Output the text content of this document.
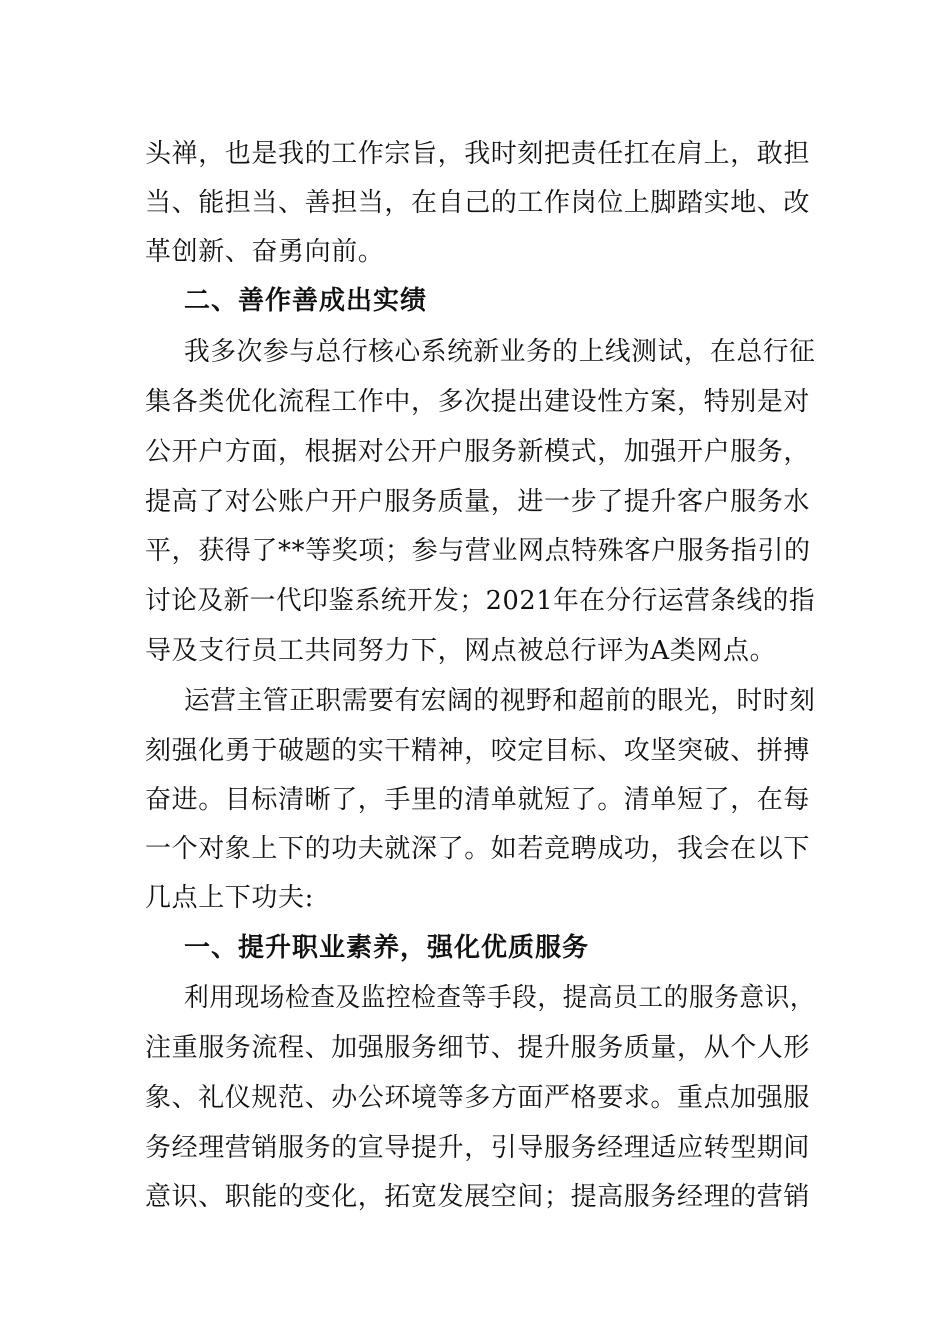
头禅，也是我的工作宗旨，我时刻把责任扛在肩上，敢担
当、能担当、善担当，在自己的工作岗位上脚踏实地、改
革创新、奋勇向前。
二、善作善成出实绩
我多次参与总行核心系统新业务的上线测试，在总行征
集各类优化流程工作中，多次提出建设性方案，特别是对
公开户方面，根据对公开户服务新模式，加强开户服务，
提高了对公账户开户服务质量，进一步了提升客户服务水
平，获得了**等奖项；参与营业网点特殊客户服务指引的
讨论及新一代印鉴系统开发；2021年在分行运营条线的指
导及支行员工共同努力下，网点被总行评为A类网点。
运营主管正职需要有宏阔的视野和超前的眼光，时时刻
刻强化勇于破题的实干精神，咬定目标、攻坚突破、拼搏
奋进。目标清晰了，手里的清单就短了。清单短了，在每
一个对象上下的功夫就深了。如若竞聘成功，我会在以下
几点上下功夫:
一、提升职业素养，强化优质服务
利用现场检查及监控检查等手段，提高员工的服务意识，
注重服务流程、加强服务细节、提升服务质量，从个人形
象、礼仪规范、办公环境等多方面严格要求。重点加强服
务经理营销服务的宣导提升，引导服务经理适应转型期间
意识、职能的变化，拓宽发展空间；提高服务经理的营销
